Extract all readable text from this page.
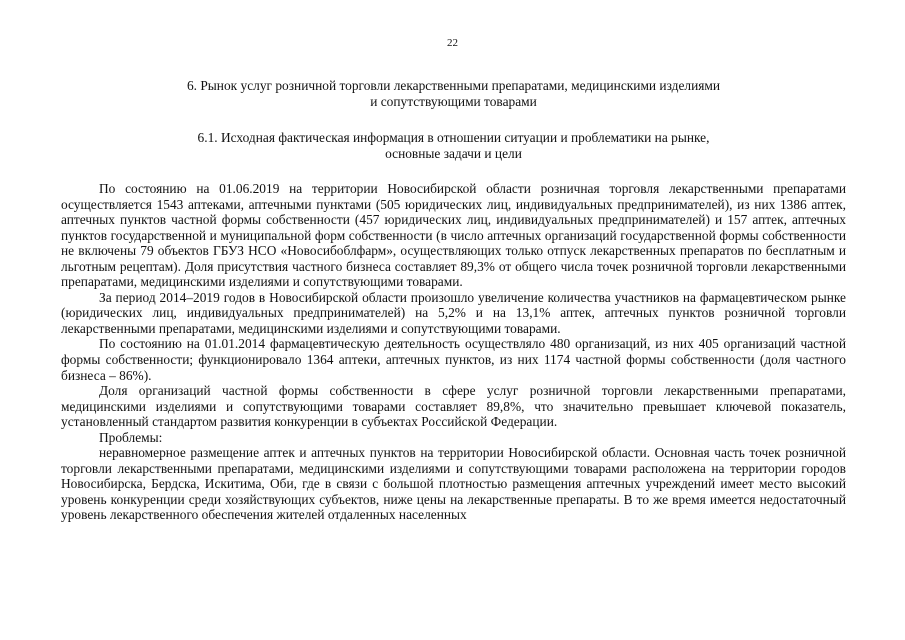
22
6. Рынок услуг розничной торговли лекарственными препаратами, медицинскими изделиями
и сопутствующими товарами
6.1. Исходная фактическая информация в отношении ситуации и проблематики на рынке,
основные задачи и цели

По состоянию на 01.06.2019 на территории Новосибирской области розничная торговля лекарственными препаратами осуществляется 1543 аптеками, аптечными пунктами (505 юридических лиц, индивидуальных предпринимателей), из них 1386 аптек, аптечных пунктов частной формы собственности (457 юридических лиц, индивидуальных предпринимателей) и 157 аптек, аптечных пунктов государственной и муниципальной форм собственности (в число аптечных организаций государственной формы собственности не включены 79 объектов ГБУЗ НСО «Новосибоблфарм», осуществляющих только отпуск лекарственных препаратов по бесплатным и льготным рецептам). Доля присутствия частного бизнеса составляет 89,3% от общего числа точек розничной торговли лекарственными препаратами, медицинскими изделиями и сопутствующими товарами.

За период 2014–2019 годов в Новосибирской области произошло увеличение количества участников на фармацевтическом рынке (юридических лиц, индивидуальных предпринимателей) на 5,2% и на 13,1% аптек, аптечных пунктов розничной торговли лекарственными препаратами, медицинскими изделиями и сопутствующими товарами.

По состоянию на 01.01.2014 фармацевтическую деятельность осуществляло 480 организаций, из них 405 организаций частной формы собственности; функционировало 1364 аптеки, аптечных пунктов, из них 1174 частной формы собственности (доля частного бизнеса – 86%).

Доля организаций частной формы собственности в сфере услуг розничной торговли лекарственными препаратами, медицинскими изделиями и сопутствующими товарами составляет 89,8%, что значительно превышает ключевой показатель, установленный стандартом развития конкуренции в субъектах Российской Федерации.

Проблемы:

неравномерное размещение аптек и аптечных пунктов на территории Новосибирской области. Основная часть точек розничной торговли лекарственными препаратами, медицинскими изделиями и сопутствующими товарами расположена на территории городов Новосибирска, Бердска, Искитима, Оби, где в связи с большой плотностью размещения аптечных учреждений имеет место высокий уровень конкуренции среди хозяйствующих субъектов, ниже цены на лекарственные препараты. В то же время имеется недостаточный уровень лекарственного обеспечения жителей отдаленных населенных
